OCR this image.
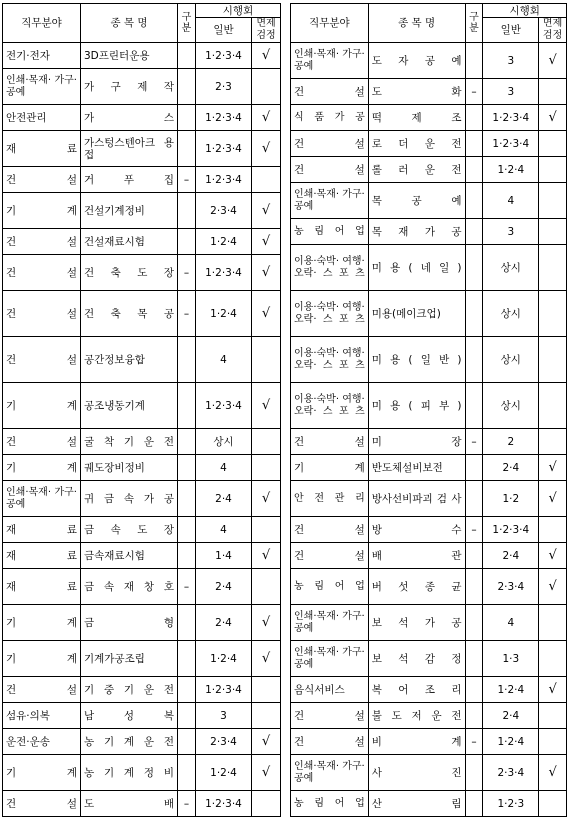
직무분야	종 목 명	구분	시행회	
			일반	면제 검정
전기·전자	3D프린터운용		1·2·3·4	√
인쇄·목재· 가구·공예	가 구 제 작		2·3	
안전관리	가 스		1·2·3·4	√
재 료	가스텅스텐아크 용 접		1·2·3·4	√
건 설	거 푸 집	–	1·2·3·4	
기 계	건설기계정비		2·3·4	√
건 설	건설재료시험		1·2·4	√
건 설	건 축 도 장	–	1·2·3·4	√
건 설	건 축 목 공	–	1·2·4	√
건 설	공간정보융합		4	
기 계	공조냉동기계		1·2·3·4	√
건 설	굴 착 기 운 전		상시	
기 계	궤도장비정비		4	
인쇄·목재· 가구·공예	귀 금 속 가 공		2·4	√
재 료	금 속 도 장		4	
재 료	금속재료시험		1·4	√
재 료	금 속 재 창 호	–	2·4	
기 계	금 형		2·4	√
기 계	기계가공조립		1·2·4	√
건 설	기 중 기 운 전		1·2·3·4	
섬유·의복	남 성 복		3	
운전·운송	농 기 계 운 전		2·3·4	√
기 계	농 기 계 정 비		1·2·4	√
건 설	도 배	–	1·2·3·4	
직무분야	종 목 명	구분	시행회	
			일반	면제 검정
인쇄·목재· 가구·공예	도 자 공 예		3	√
건 설	도 화	–	3	
식 품 가 공	떡 제 조		1·2·3·4	√
건 설	로 더 운 전		1·2·3·4	
건 설	롤 러 운 전		1·2·4	
인쇄·목재· 가구·공예	목 공 예		4	
농 림 어 업	목 재 가 공		3	
이용·숙박· 여행·오락· 스 포 츠	미 용 ( 네 일 )		상시	
이용·숙박· 여행·오락· 스 포 츠	미용(메이크업)		상시	
이용·숙박· 여행·오락· 스 포 츠	미 용 ( 일 반 )		상시	
이용·숙박· 여행·오락· 스 포 츠	미 용 ( 피 부 )		상시	
건 설	미 장	–	2	
기 계	반도체설비보전		2·4	√
안 전 관 리	방사선비파괴 검 사		1·2	√
건 설	방 수	–	1·2·3·4	
건 설	배 관		2·4	√
농 림 어 업	버 섯 종 균		2·3·4	√
인쇄·목재· 가구·공예	보 석 가 공		4	
인쇄·목재· 가구·공예	보 석 감 정		1·3	
음식서비스	복 어 조 리		1·2·4	√
건 설	불 도 저 운 전		2·4	
건 설	비 계	–	1·2·4	
인쇄·목재· 가구·공예	사 진		2·3·4	√
농 림 어 업	산 림		1·2·3	
